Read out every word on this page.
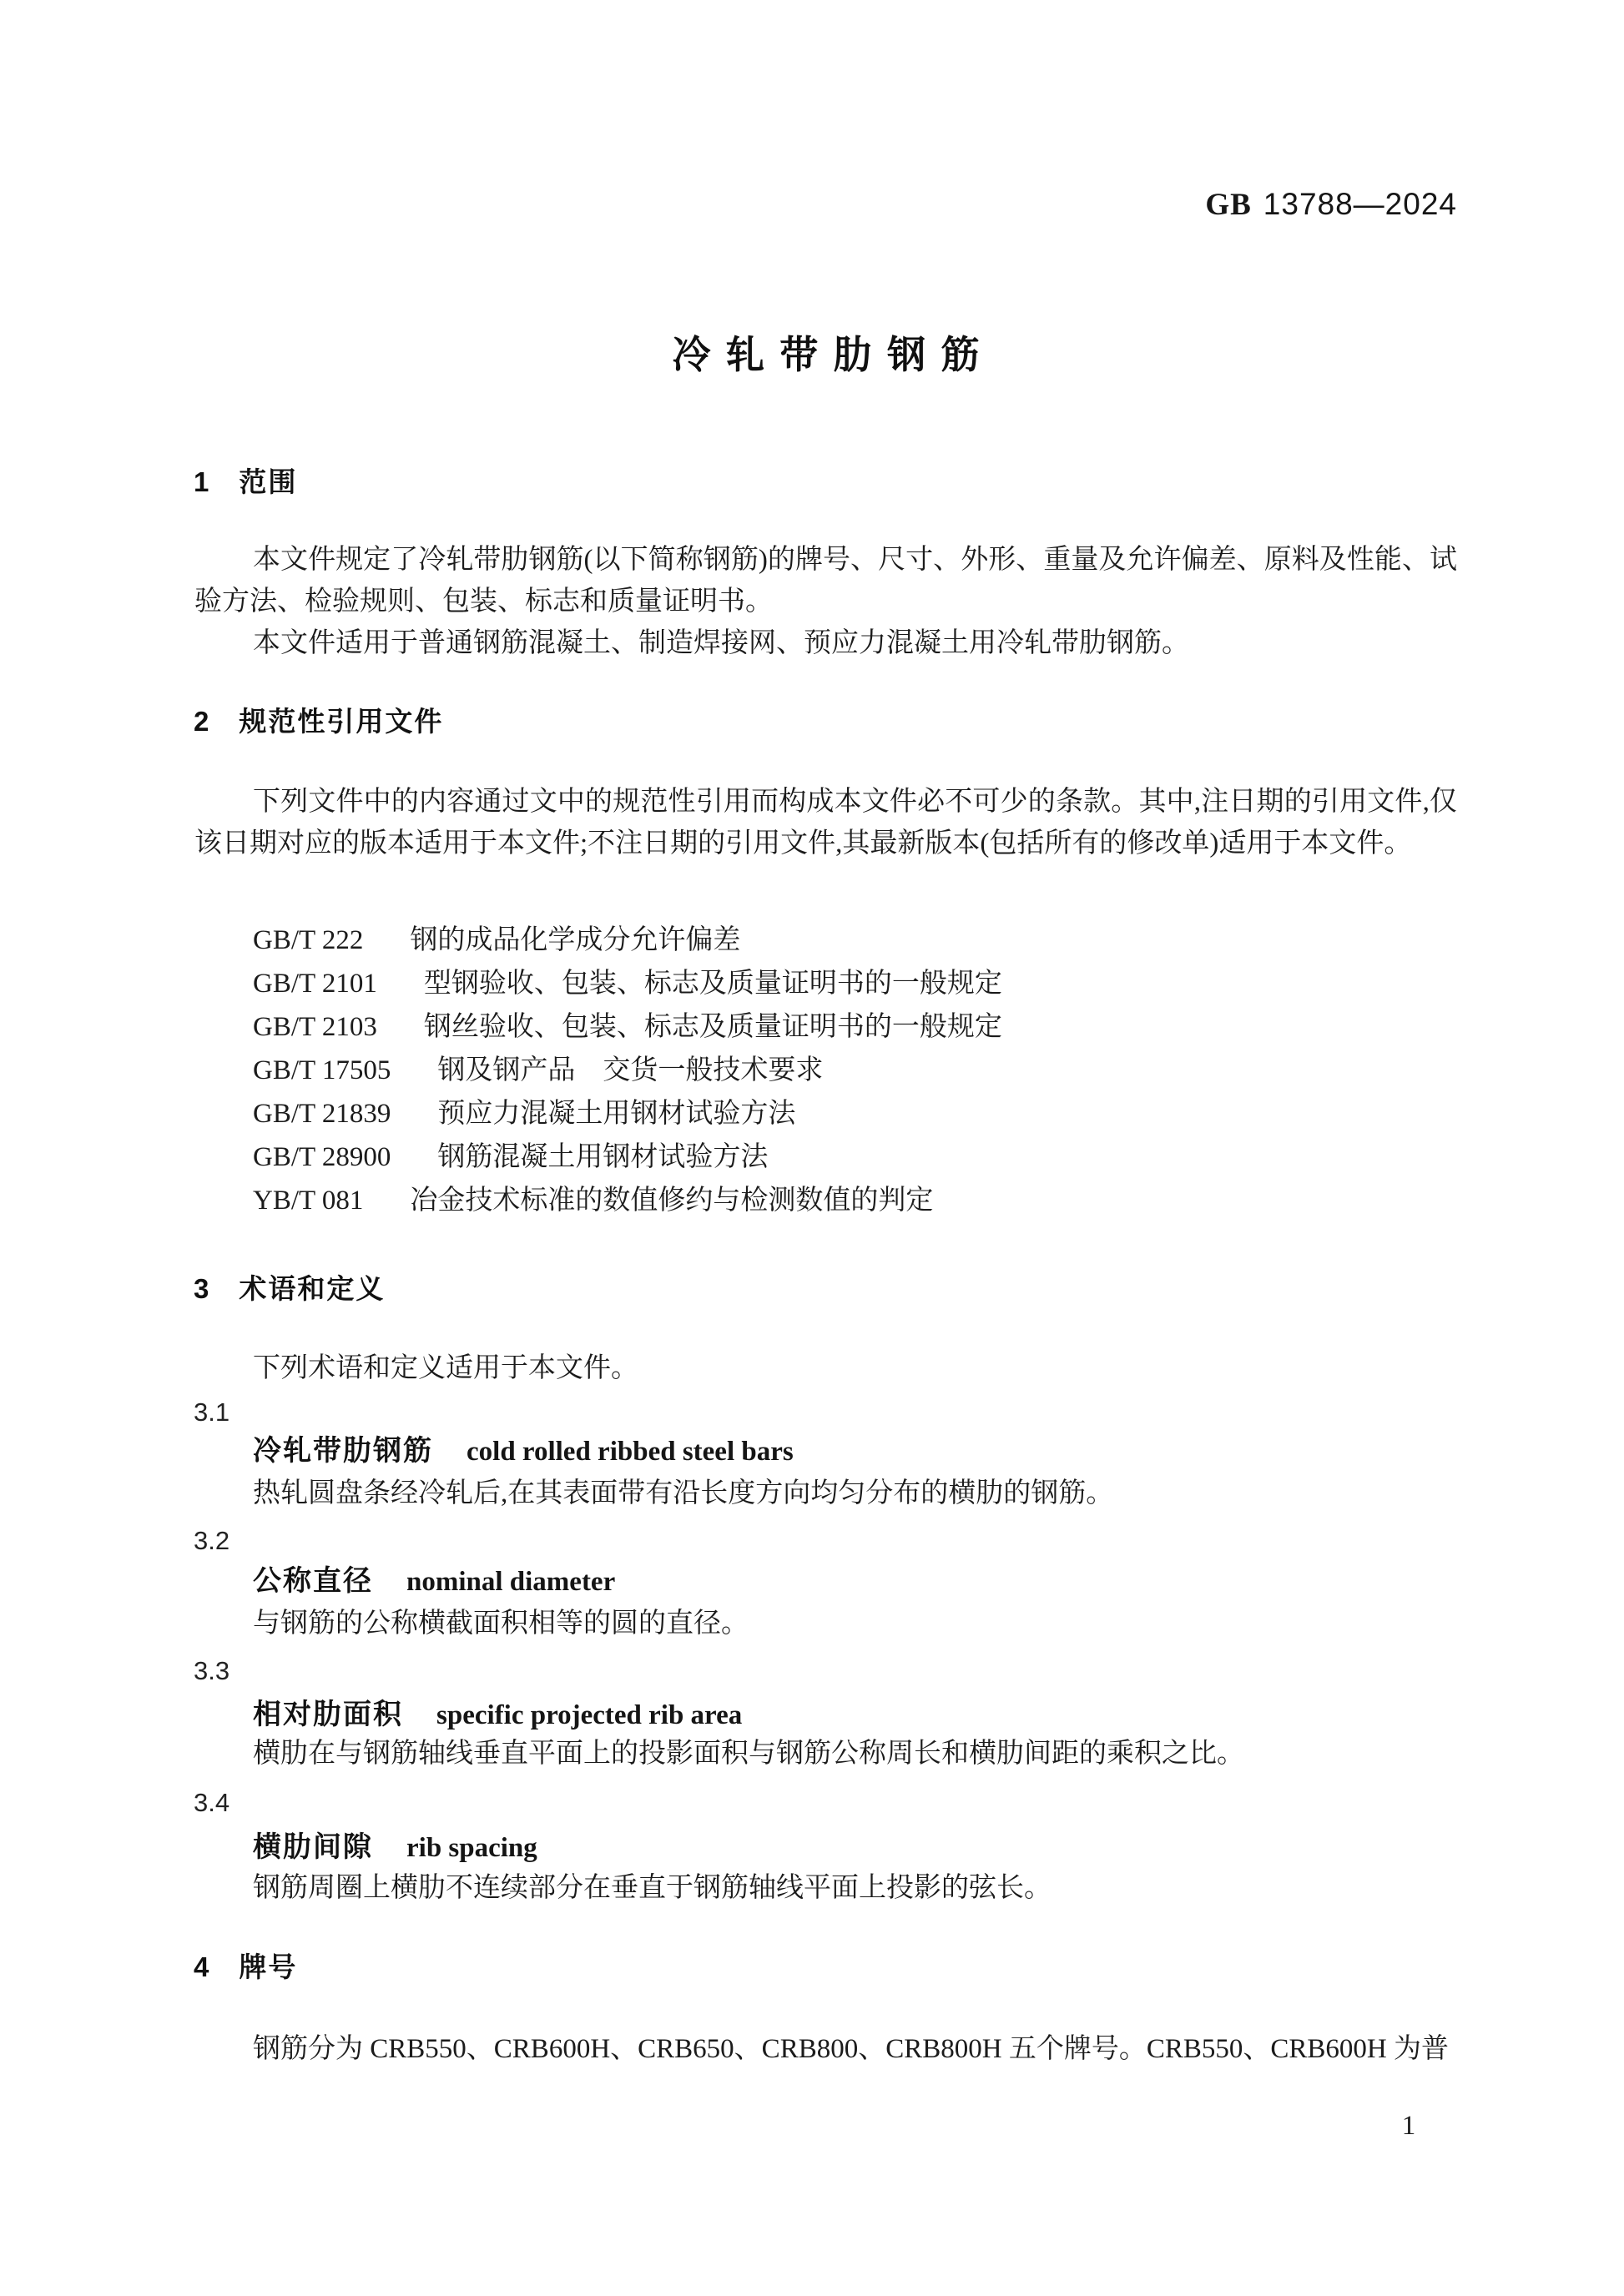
GB 13788—2024
冷轧带肋钢筋
1 范围
本文件规定了冷轧带肋钢筋(以下简称钢筋)的牌号、尺寸、外形、重量及允许偏差、原料及性能、试验方法、检验规则、包装、标志和质量证明书。
本文件适用于普通钢筋混凝土、制造焊接网、预应力混凝土用冷轧带肋钢筋。
2 规范性引用文件
下列文件中的内容通过文中的规范性引用而构成本文件必不可少的条款。其中,注日期的引用文件,仅该日期对应的版本适用于本文件;不注日期的引用文件,其最新版本(包括所有的修改单)适用于本文件。
GB/T 222 钢的成品化学成分允许偏差
GB/T 2101 型钢验收、包装、标志及质量证明书的一般规定
GB/T 2103 钢丝验收、包装、标志及质量证明书的一般规定
GB/T 17505 钢及钢产品　交货一般技术要求
GB/T 21839 预应力混凝土用钢材试验方法
GB/T 28900 钢筋混凝土用钢材试验方法
YB/T 081 冶金技术标准的数值修约与检测数值的判定
3 术语和定义
下列术语和定义适用于本文件。
3.1
冷轧带肋钢筋 cold rolled ribbed steel bars
热轧圆盘条经冷轧后,在其表面带有沿长度方向均匀分布的横肋的钢筋。
3.2
公称直径 nominal diameter
与钢筋的公称横截面积相等的圆的直径。
3.3
相对肋面积 specific projected rib area
横肋在与钢筋轴线垂直平面上的投影面积与钢筋公称周长和横肋间距的乘积之比。
3.4
横肋间隙 rib spacing
钢筋周圈上横肋不连续部分在垂直于钢筋轴线平面上投影的弦长。
4 牌号
钢筋分为 CRB550、CRB600H、CRB650、CRB800、CRB800H 五个牌号。CRB550、CRB600H 为普
1
